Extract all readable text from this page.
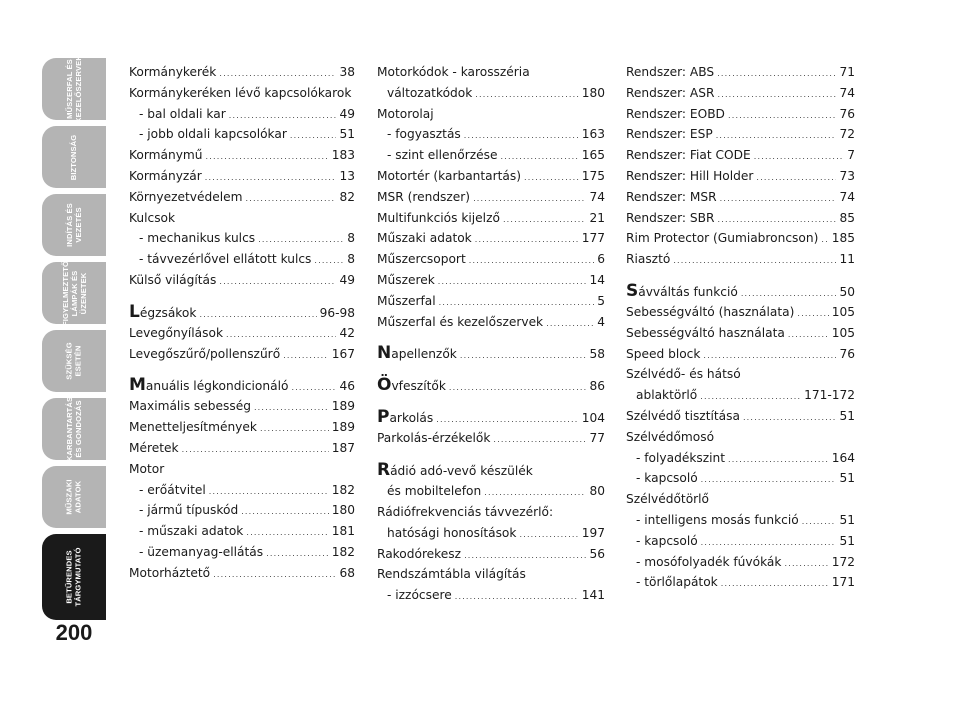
MŰSZERFAL ÉS
KEZELŐSZERVEK
BIZTONSÁG
INDÍTÁS ÉS
VEZETÉS
FIGYELMEZTETŐ
LÁMPÁK ÉS
ÜZENETEK
SZÜKSÉG
ESETÉN
KARBANTARTÁS
ÉS GONDOZÁS
MŰSZAKI
ADATOK
BETŰRENDES
TÁRGYMUTATÓ
200
Kormánykerék .....	38
Kormánykeréken lévő kapcsolókarok
- bal oldali kar .....	49
- jobb oldali kapcsolókar .....	51
Kormánymű .....	183
Kormányzár .....	13
Környezetvédelem .....	82
Kulcsok
- mechanikus kulcs .....	8
- távvezérlővel ellátott kulcs .....	8
Külső világítás .....	49
Légzsákok .....	96-98
Levegőnyílások .....	42
Levegőszűrő/pollenszűrő .....	167
Manuális légkondicionáló .....	46
Maximális sebesség .....	189
Menetteljesítmények .....	189
Méretek .....	187
Motor
- erőátvitel .....	182
- jármű típuskód .....	180
- műszaki adatok .....	181
- üzemanyag-ellátás .....	182
Motorháztető .....	68
Motorkódok - karosszéria
változatkódok .....	180
Motorolaj
- fogyasztás .....	163
- szint ellenőrzése .....	165
Motortér (karbantartás) .....	175
MSR (rendszer) .....	74
Multifunkciós kijelző .....	21
Műszaki adatok .....	177
Műszercsoport .....	6
Műszerek .....	14
Műszerfal .....	5
Műszerfal és kezelőszervek .....	4
Napellenzők .....	58
Övfeszítők .....	86
Parkolás .....	104
Parkolás-érzékelők .....	77
Rádió adó-vevő készülék
és mobiltelefon .....	80
Rádiófrekvenciás távvezérlő:
hatósági honosítások .....	197
Rakodórekesz .....	56
Rendszámtábla világítás
- izzócsere .....	141
Rendszer: ABS .....	71
Rendszer: ASR .....	74
Rendszer: EOBD .....	76
Rendszer: ESP .....	72
Rendszer: Fiat CODE .....	7
Rendszer: Hill Holder .....	73
Rendszer: MSR .....	74
Rendszer: SBR .....	85
Rim Protector (Gumiabroncson) ..... 185
Riasztó .....	11
Sávváltás funkció .....	50
Sebességváltó (használata) .....	105
Sebességváltó használata .....	105
Speed block .....	76
Szélvédő- és hátsó
ablaktörlő .....	171-172
Szélvédő tisztítása .....	51
Szélvédőmosó
- folyadékszint .....	164
- kapcsoló .....	51
Szélvédőtörlő
- intelligens mosás funkció .....	51
- kapcsoló .....	51
- mosófolyadék fúvókák .....	172
- törlőlapátok .....	171
